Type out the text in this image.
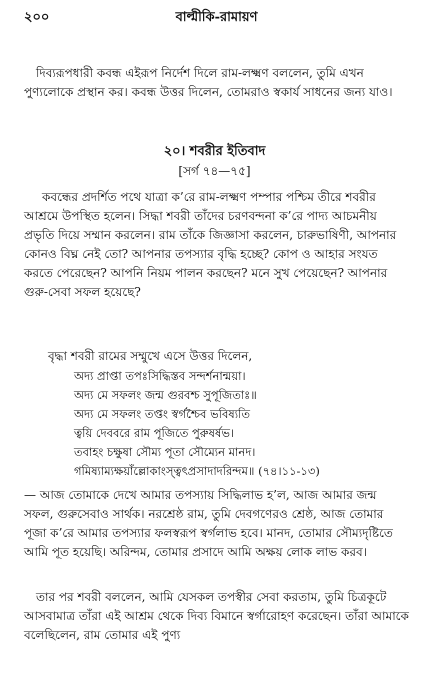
২০০	বাল্মীকি-রামায়ণ
দিব্যরূপধারী কবন্ধ এইরূপ নির্দেশ দিলে রাম-লক্ষ্মণ বললেন, তুমি এখন পুণ্যলোকে প্রস্থান কর। কবন্ধ উত্তর দিলেন, তোমরাও স্বকার্য সাধনের জন্য যাও।
২০। শবরীর ইতিবাদ
[সর্গ ৭৪—৭৫]
কবন্ধের প্রদর্শিত পথে যাত্রা ক’রে রাম-লক্ষ্মণ পম্পার পশ্চিম তীরে শবরীর আশ্রমে উপস্থিত হলেন। সিদ্ধা শবরী তাঁদের চরণবন্দনা ক’রে পাদ্য আচমনীয় প্রভৃতি দিয়ে সম্মান করলেন। রাম তাঁকে জিজ্ঞাসা করলেন, চারুভাষিণী, আপনার কোনও বিঘ্ন নেই তো? আপনার তপস্যার বৃদ্ধি হচ্ছে? কোপ ও আহার সংযত করতে পেরেছেন? আপনি নিয়ম পালন করছেন? মনে সুখ পেয়েছেন? আপনার গুরু-সেবা সফল হয়েছে?
বৃদ্ধা শবরী রামের সম্মুখে এসে উত্তর দিলেন,
অদ্য প্রাপ্তা তপঃসিদ্ধিস্তব সন্দর্শনান্ময়া।
অদ্য মে সফলং জন্ম গুরবশ্চ সুপূজিতাঃ॥
অদ্য মে সফলং তপ্তং স্বর্গশ্চৈব ভবিষ্যতি
ত্বয়ি দেববরে রাম পূজিতে পুরুষর্ষভ।
তবাহং চক্ষুষা সৌম্য পূতা সৌম্যেন মানদ।
গমিষ্যাম্যক্ষয়াঁল্লোকাংস্ত্বৎপ্রসাদাদরিন্দম॥ (৭৪।১১-১৩)
— আজ তোমাকে দেখে আমার তপস্যায় সিদ্ধিলাভ হ’ল, আজ আমার জন্ম সফল, গুরুসেবাও সার্থক। নরশ্রেষ্ঠ রাম, তুমি দেবগণেরও শ্রেষ্ঠ, আজ তোমার পূজা ক’রে আমার তপস্যার ফলস্বরূপ স্বর্গলাভ হবে। মানদ, তোমার সৌম্যদৃষ্টিতে আমি পূত হয়েছি। অরিন্দম, তোমার প্রসাদে আমি অক্ষয় লোক লাভ করব।
তার পর শবরী বললেন, আমি যেসকল তপস্বীর সেবা করতাম, তুমি চিত্রকূটে আসবামাত্র তাঁরা এই আশ্রম থেকে দিব্য বিমানে স্বর্গারোহণ করেছেন। তাঁরা আমাকে বলেছিলেন, রাম তোমার এই পুণ্য
